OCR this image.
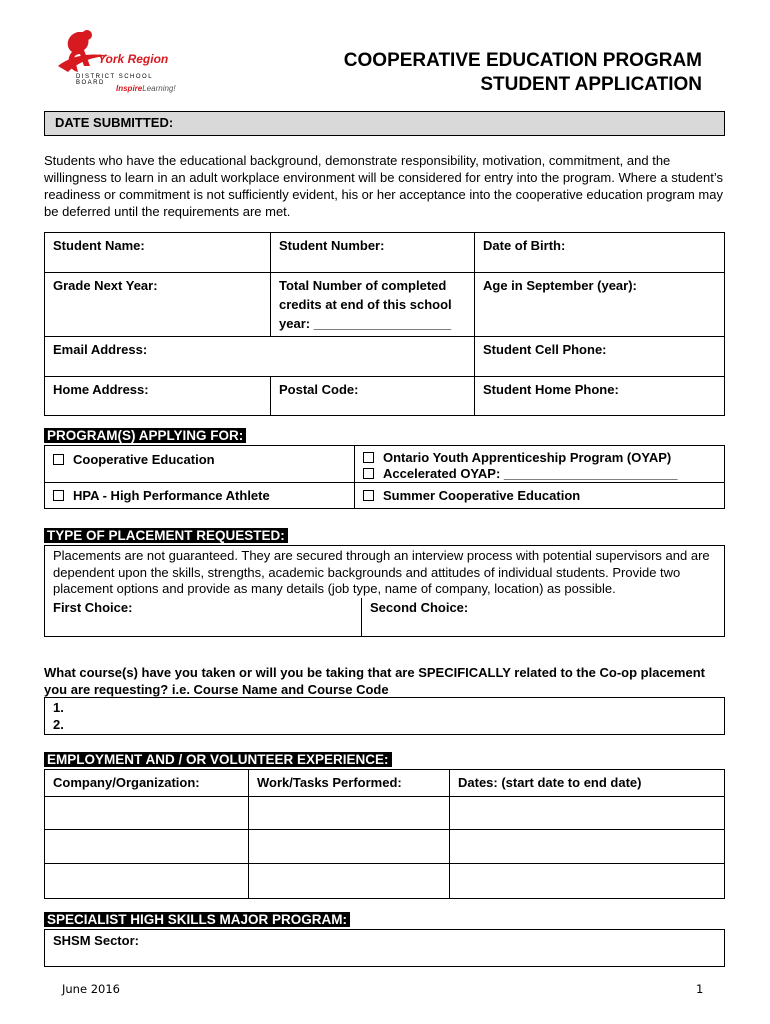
York Region
DISTRICT SCHOOL BOARD
InspireLearning!
COOPERATIVE EDUCATION PROGRAM
STUDENT APPLICATION
DATE SUBMITTED:
Students who have the educational background, demonstrate responsibility, motivation, commitment, and the willingness to learn in an adult workplace environment will be considered for entry into the program. Where a student’s readiness or commitment is not sufficiently evident, his or her acceptance into the cooperative education program may be deferred until the requirements are met.
Student Name:	Student Number:	Date of Birth:
Grade Next Year:	Total Number of completed credits at end of this school year: ___________________	Age in September (year):
Email Address:		Student Cell Phone:
Home Address:	Postal Code:	Student Home Phone:
PROGRAM(S) APPLYING FOR:
Cooperative Education	Ontario Youth Apprenticeship Program (OYAP)
Accelerated OYAP: ________________________

HPA - High Performance Athlete	Summer Cooperative Education
TYPE OF PLACEMENT REQUESTED:
Placements are not guaranteed. They are secured through an interview process with potential supervisors and are dependent upon the skills, strengths, academic backgrounds and attitudes of individual students. Provide two placement options and provide as many details (job type, name of company, location) as possible.
First Choice:	Second Choice:
What course(s) have you taken or will you be taking that are SPECIFICALLY related to the Co-op placement you are requesting? i.e. Course Name and Course Code
1.
2.
EMPLOYMENT AND / OR VOLUNTEER EXPERIENCE:
Company/Organization:	Work/Tasks Performed:	Dates: (start date to end date)

SPECIALIST HIGH SKILLS MAJOR PROGRAM:
SHSM Sector:
June 2016	1
